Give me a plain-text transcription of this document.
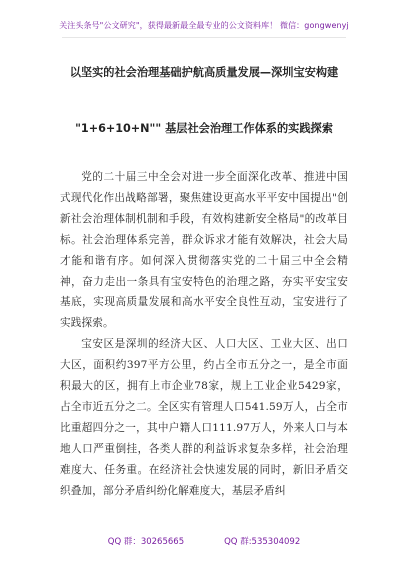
关注头条号"公文研究"，获得最新最全最专业的公文资料库！ 微信：gongwenyj
以坚实的社会治理基础护航高质量发展—深圳宝安构建
"1+6+10+N"" 基层社会治理工作体系的实践探索

党的二十届三中全会对进一步全面深化改革、推进中国式现代化作出战略部署，聚焦建设更高水平平安中国提出"创新社会治理体制机制和手段，有效构建新安全格局"的改革目标。社会治理体系完善，群众诉求才能有效解决，社会大局才能和谐有序。如何深入贯彻落实党的二十届三中全会精神，奋力走出一条具有宝安特色的治理之路，夯实平安宝安基底，实现高质量发展和高水平安全良性互动，宝安进行了实践探索。

宝安区是深圳的经济大区、人口大区、工业大区、出口大区，面积约397平方公里，约占全市五分之一，是全市面积最大的区，拥有上市企业78家，规上工业企业5429家，占全市近五分之二。全区实有管理人口541.59万人，占全市比重超四分之一，其中户籍人口111.97万人，外来人口与本地人口严重倒挂，各类人群的利益诉求复杂多样，社会治理难度大、任务重。在经济社会快速发展的同时，新旧矛盾交织叠加，部分矛盾纠纷化解难度大，基层矛盾纠

QQ 群：30265665	QQ 群:535304092
